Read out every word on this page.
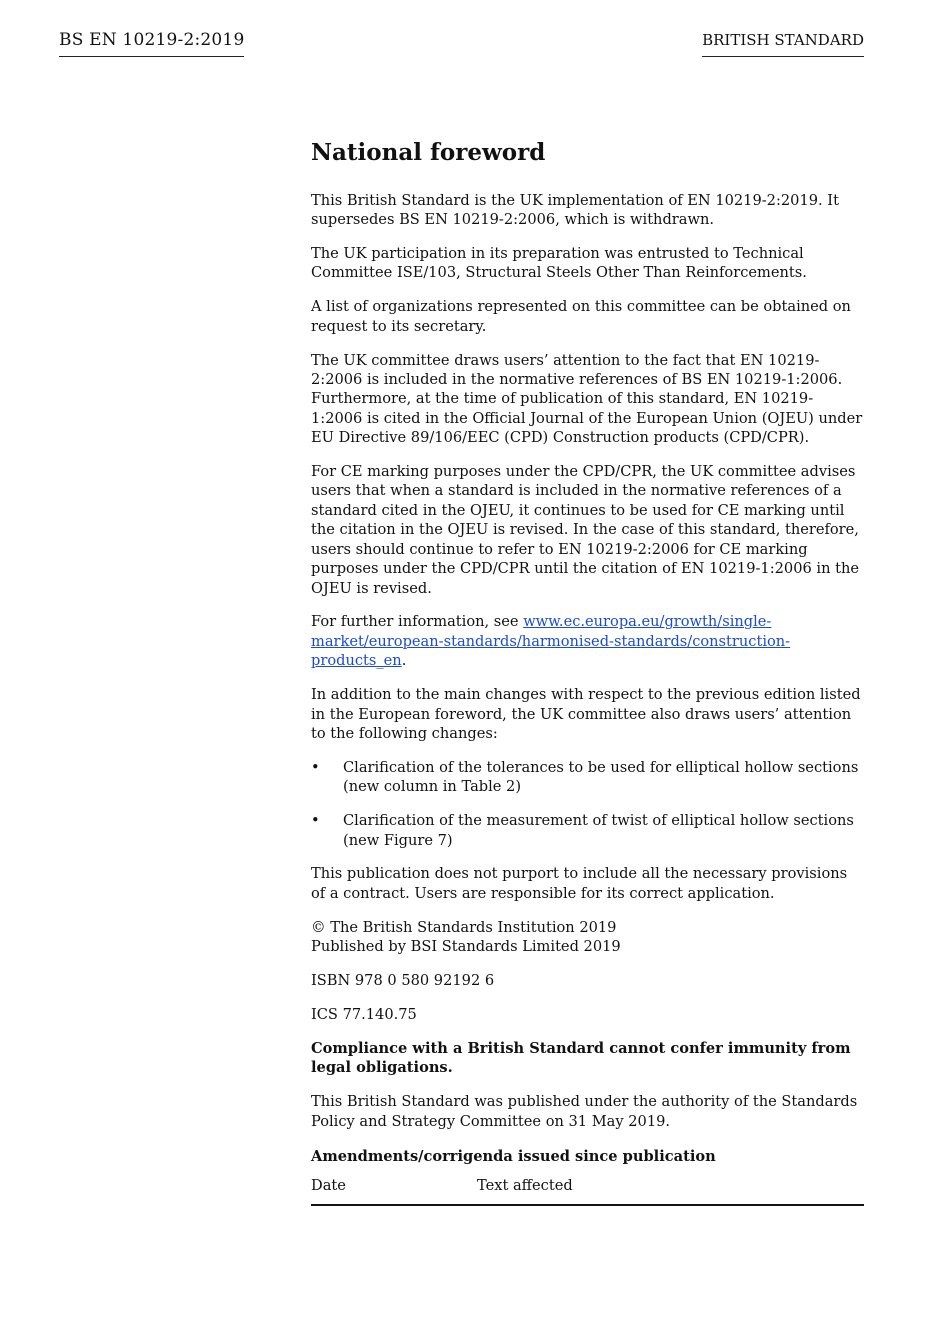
BS EN 10219-2:2019	BRITISH STANDARD
National foreword

This British Standard is the UK implementation of EN 10219-2:2019. It supersedes BS EN 10219-2:2006, which is withdrawn.

The UK participation in its preparation was entrusted to Technical Committee ISE/103, Structural Steels Other Than Reinforcements.

A list of organizations represented on this committee can be obtained on request to its secretary.

The UK committee draws users’ attention to the fact that EN 10219-2:2006 is included in the normative references of BS EN 10219-1:2006. Furthermore, at the time of publication of this standard, EN 10219-1:2006 is cited in the Official Journal of the European Union (OJEU) under EU Directive 89/106/EEC (CPD) Construction products (CPD/CPR).

For CE marking purposes under the CPD/CPR, the UK committee advises users that when a standard is included in the normative references of a standard cited in the OJEU, it continues to be used for CE marking until the citation in the OJEU is revised. In the case of this standard, therefore, users should continue to refer to EN 10219-2:2006 for CE marking purposes under the CPD/CPR until the citation of EN 10219-1:2006 in the OJEU is revised.

For further information, see www.ec.europa.eu/growth/single-market/european-standards/harmonised-standards/construction-products_en.

In addition to the main changes with respect to the previous edition listed in the European foreword, the UK committee also draws users’ attention to the following changes:

• Clarification of the tolerances to be used for elliptical hollow sections (new column in Table 2)
• Clarification of the measurement of twist of elliptical hollow sections (new Figure 7)

This publication does not purport to include all the necessary provisions of a contract. Users are responsible for its correct application.

© The British Standards Institution 2019
Published by BSI Standards Limited 2019

ISBN 978 0 580 92192 6

ICS 77.140.75

Compliance with a British Standard cannot confer immunity from legal obligations.

This British Standard was published under the authority of the Standards Policy and Strategy Committee on 31 May 2019.

Amendments/corrigenda issued since publication

Date	Text affected
